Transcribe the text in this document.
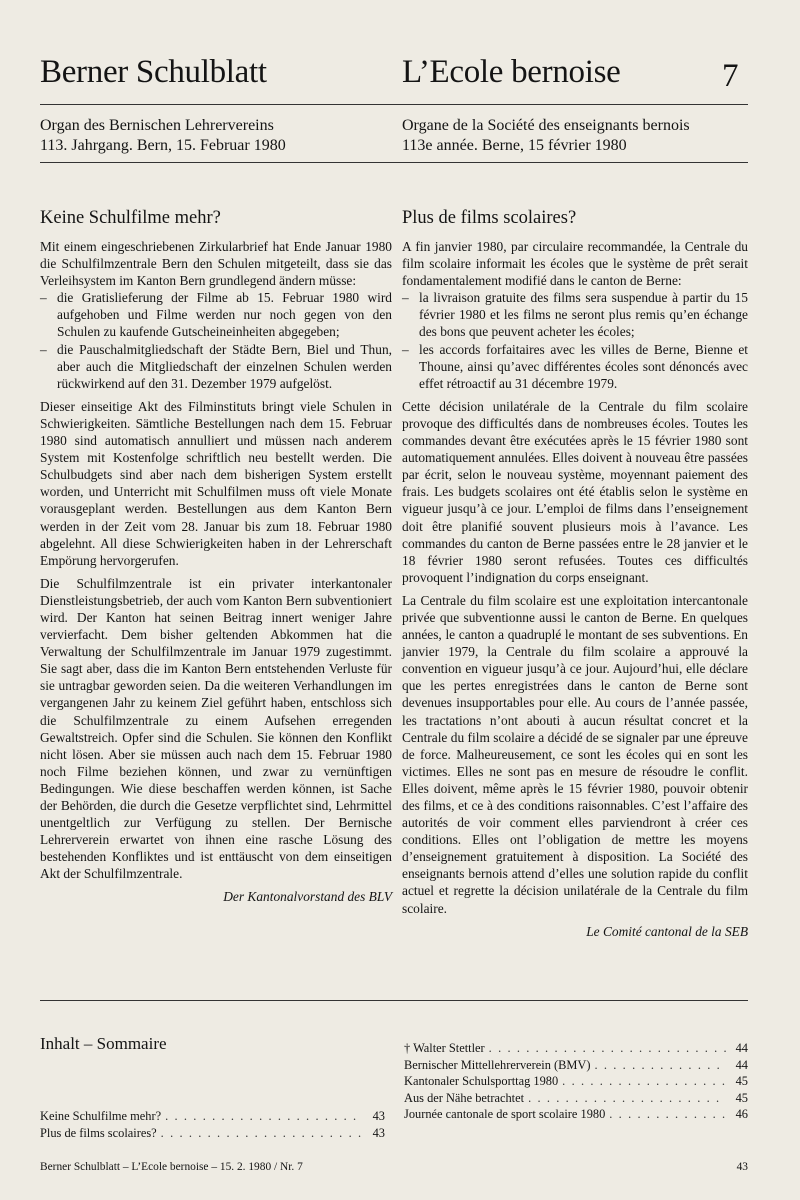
Berner Schulblatt	L’Ecole bernoise	7
Organ des Bernischen Lehrervereins
113. Jahrgang. Bern, 15. Februar 1980
Organe de la Société des enseignants bernois
113e année. Berne, 15 février 1980
Keine Schulfilme mehr?

Mit einem eingeschriebenen Zirkularbrief hat Ende Januar 1980 die Schulfilmzentrale Bern den Schulen mitgeteilt, dass sie das Verleihsystem im Kanton Bern grundlegend ändern müsse:

– die Gratislieferung der Filme ab 15. Februar 1980 wird aufgehoben und Filme werden nur noch gegen von den Schulen zu kaufende Gutscheineinheiten abgegeben;
– die Pauschalmitgliedschaft der Städte Bern, Biel und Thun, aber auch die Mitgliedschaft der einzelnen Schulen werden rückwirkend auf den 31. Dezember 1979 aufgelöst.

Dieser einseitige Akt des Filminstituts bringt viele Schulen in Schwierigkeiten. Sämtliche Bestellungen nach dem 15. Februar 1980 sind automatisch annulliert und müssen nach anderem System mit Kostenfolge schriftlich neu bestellt werden. Die Schulbudgets sind aber nach dem bisherigen System erstellt worden, und Unterricht mit Schulfilmen muss oft viele Monate vorausgeplant werden. Bestellungen aus dem Kanton Bern werden in der Zeit vom 28. Januar bis zum 18. Februar 1980 abgelehnt. All diese Schwierigkeiten haben in der Lehrerschaft Empörung hervorgerufen.

Die Schulfilmzentrale ist ein privater interkantonaler Dienstleistungsbetrieb, der auch vom Kanton Bern subventioniert wird. Der Kanton hat seinen Beitrag innert weniger Jahre vervierfacht. Dem bisher geltenden Abkommen hat die Verwaltung der Schulfilmzentrale im Januar 1979 zugestimmt. Sie sagt aber, dass die im Kanton Bern entstehenden Verluste für sie untragbar geworden seien. Da die weiteren Verhandlungen im vergangenen Jahr zu keinem Ziel geführt haben, entschloss sich die Schulfilmzentrale zu einem Aufsehen erregenden Gewaltstreich. Opfer sind die Schulen. Sie können den Konflikt nicht lösen. Aber sie müssen auch nach dem 15. Februar 1980 noch Filme beziehen können, und zwar zu vernünftigen Bedingungen. Wie diese beschaffen werden können, ist Sache der Behörden, die durch die Gesetze verpflichtet sind, Lehrmittel unentgeltlich zur Verfügung zu stellen. Der Bernische Lehrerverein erwartet von ihnen eine rasche Lösung des bestehenden Konfliktes und ist enttäuscht von dem einseitigen Akt der Schulfilmzentrale.

Der Kantonalvorstand des BLV
Plus de films scolaires?

A fin janvier 1980, par circulaire recommandée, la Centrale du film scolaire informait les écoles que le système de prêt serait fondamentalement modifié dans le canton de Berne:

– la livraison gratuite des films sera suspendue à partir du 15 février 1980 et les films ne seront plus remis qu’en échange des bons que peuvent acheter les écoles;
– les accords forfaitaires avec les villes de Berne, Bienne et Thoune, ainsi qu’avec différentes écoles sont dénoncés avec effet rétroactif au 31 décembre 1979.

Cette décision unilatérale de la Centrale du film scolaire provoque des difficultés dans de nombreuses écoles. Toutes les commandes devant être exécutées après le 15 février 1980 sont automatiquement annulées. Elles doivent à nouveau être passées par écrit, selon le nouveau système, moyennant paiement des frais. Les budgets scolaires ont été établis selon le système en vigueur jusqu’à ce jour. L’emploi de films dans l’enseignement doit être planifié souvent plusieurs mois à l’avance. Les commandes du canton de Berne passées entre le 28 janvier et le 18 février 1980 seront refusées. Toutes ces difficultés provoquent l’indignation du corps enseignant.

La Centrale du film scolaire est une exploitation intercantonale privée que subventionne aussi le canton de Berne. En quelques années, le canton a quadruplé le montant de ses subventions. En janvier 1979, la Centrale du film scolaire a approuvé la convention en vigueur jusqu’à ce jour. Aujourd’hui, elle déclare que les pertes enregistrées dans le canton de Berne sont devenues insupportables pour elle. Au cours de l’année passée, les tractations n’ont abouti à aucun résultat concret et la Centrale du film scolaire a décidé de se signaler par une épreuve de force. Malheureusement, ce sont les écoles qui en sont les victimes. Elles ne sont pas en mesure de résoudre le conflit. Elles doivent, même après le 15 février 1980, pouvoir obtenir des films, et ce à des conditions raisonnables. C’est l’affaire des autorités de voir comment elles parviendront à créer ces conditions. Elles ont l’obligation de mettre les moyens d’enseignement gratuitement à disposition. La Société des enseignants bernois attend d’elles une solution rapide du conflit actuel et regrette la décision unilatérale de la Centrale du film scolaire.

Le Comité cantonal de la SEB
Inhalt – Sommaire
Keine Schulfilme mehr? . . .	43
Plus de films scolaires? . . .	43
† Walter Stettler . . .	44
Bernischer Mittellehrerverein (BMV) . . .	44
Kantonaler Schulsporttag 1980 . . .	45
Aus der Nähe betrachtet . . .	45
Journée cantonale de sport scolaire 1980 . . .	46
Berner Schulblatt – L’Ecole bernoise – 15. 2. 1980 / Nr. 7	43
